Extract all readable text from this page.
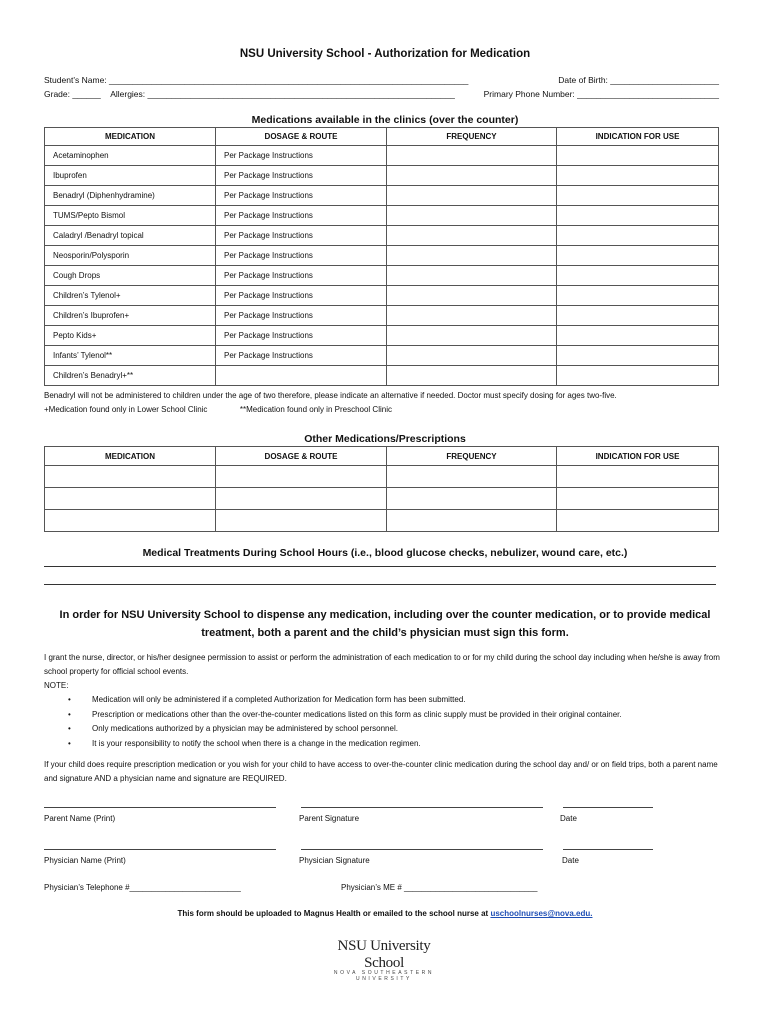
NSU University School - Authorization for Medication
Student’s Name: ____________________________________________________________________________	Date of Birth: _______________________
Grade: ______ Allergies: _________________________________________________________________	Primary Phone Number: ______________________________
Medications available in the clinics (over the counter)
MEDICATION	DOSAGE & ROUTE	FREQUENCY	INDICATION FOR USE
Acetaminophen	Per Package Instructions		
Ibuprofen	Per Package Instructions		
Benadryl (Diphenhydramine)	Per Package Instructions		
TUMS/Pepto Bismol	Per Package Instructions		
Caladryl /Benadryl topical	Per Package Instructions		
Neosporin/Polysporin	Per Package Instructions		
Cough Drops	Per Package Instructions		
Children’s Tylenol+	Per Package Instructions		
Children’s Ibuprofen+	Per Package Instructions		
Pepto Kids+	Per Package Instructions		
Infants’ Tylenol**	Per Package Instructions		
Children’s Benadryl+**			
Benadryl will not be administered to children under the age of two therefore, please indicate an alternative if needed. Doctor must specify dosing for ages two-five.
+Medication found only in Lower School Clinic	**Medication found only in Preschool Clinic
Other Medications/Prescriptions
MEDICATION	DOSAGE & ROUTE	FREQUENCY	INDICATION FOR USE

Medical Treatments During School Hours (i.e., blood glucose checks, nebulizer, wound care, etc.)
In order for NSU University School to dispense any medication, including over the counter medication, or to provide medical treatment, both a parent and the child’s physician must sign this form.
I grant the nurse, director, or his/her designee permission to assist or perform the administration of each medication to or for my child during the school day including when he/she is away from school property for official school events.
NOTE:
• Medication will only be administered if a completed Authorization for Medication form has been submitted.
• Prescription or medications other than the over-the-counter medications listed on this form as clinic supply must be provided in their original container.
• Only medications authorized by a physician may be administered by school personnel.
• It is your responsibility to notify the school when there is a change in the medication regimen.
If your child does require prescription medication or you wish for your child to have access to over-the-counter clinic medication during the school day and/ or on field trips, both a parent name and signature AND a physician name and signature are REQUIRED.
Parent Name (Print)	Parent Signature	Date
Physician Name (Print)	Physician Signature	Date
Physician’s Telephone #_________________________	Physician’s ME # ______________________________
This form should be uploaded to Magnus Health or emailed to the school nurse at uschoolnurses@nova.edu.
NSU University School
NOVA SOUTHEASTERN UNIVERSITY
